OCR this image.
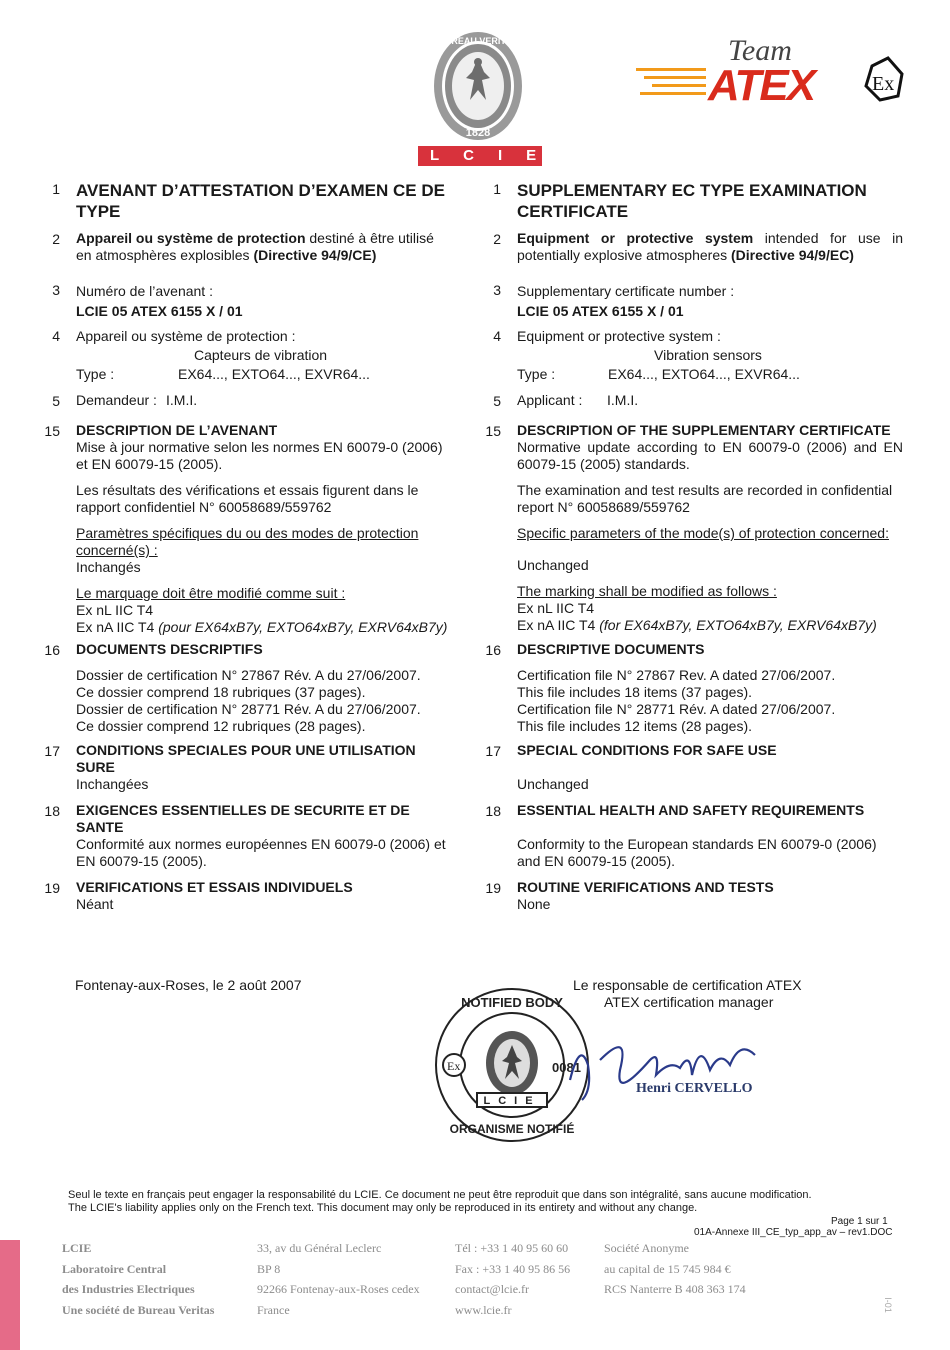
BUREAU VERITAS
1828
LCIE
ATEX	Ex
Team
1 AVENANT D’ATTESTATION D’EXAMEN CE DE TYPE
2 Appareil ou système de protection destiné à être utilisé en atmosphères explosibles (Directive 94/9/CE)
3 Numéro de l’avenant :
LCIE 05 ATEX 6155 X / 01
4 Appareil ou système de protection :
Capteurs de vibration
Type :	EX64..., EXTO64..., EXVR64...
5 Demandeur : I.M.I.
15 DESCRIPTION DE L’AVENANT
Mise à jour normative selon les normes EN 60079-0 (2006) et EN 60079-15 (2005).
Les résultats des vérifications et essais figurent dans le rapport confidentiel N° 60058689/559762
Paramètres spécifiques du ou des modes de protection concerné(s) :
Inchangés
Le marquage doit être modifié comme suit :
Ex nL IIC T4
Ex nA IIC T4 (pour EX64xB7y, EXTO64xB7y, EXRV64xB7y)
16 DOCUMENTS DESCRIPTIFS
Dossier de certification N° 27867 Rév. A du 27/06/2007.
Ce dossier comprend 18 rubriques (37 pages).
Dossier de certification N° 28771 Rév. A du 27/06/2007.
Ce dossier comprend 12 rubriques (28 pages).
17 CONDITIONS SPECIALES POUR UNE UTILISATION SURE
Inchangées
18 EXIGENCES ESSENTIELLES DE SECURITE ET DE SANTE
Conformité aux normes européennes EN 60079-0 (2006) et EN 60079-15 (2005).
19 VERIFICATIONS ET ESSAIS INDIVIDUELS
Néant
1 SUPPLEMENTARY EC TYPE EXAMINATION CERTIFICATE
2 Equipment or protective system intended for use in potentially explosive atmospheres (Directive 94/9/EC)
3 Supplementary certificate number :
LCIE 05 ATEX 6155 X / 01
4 Equipment or protective system :
Vibration sensors
Type :	EX64..., EXTO64..., EXVR64...
5 Applicant :	I.M.I.
15 DESCRIPTION OF THE SUPPLEMENTARY CERTIFICATE
Normative update according to EN 60079-0 (2006) and EN 60079-15 (2005) standards.
The examination and test results are recorded in confidential report N° 60058689/559762
Specific parameters of the mode(s) of protection concerned:
Unchanged
The marking shall be modified as follows :
Ex nL IIC T4
Ex nA IIC T4 (for EX64xB7y, EXTO64xB7y, EXRV64xB7y)
16 DESCRIPTIVE DOCUMENTS
Certification file N° 27867 Rev. A dated 27/06/2007.
This file includes 18 items (37 pages).
Certification file N° 28771 Rév. A dated 27/06/2007.
This file includes 12 items (28 pages).
17 SPECIAL CONDITIONS FOR SAFE USE
Unchanged
18 ESSENTIAL HEALTH AND SAFETY REQUIREMENTS
Conformity to the European standards EN 60079-0 (2006) and EN 60079-15 (2005).
19 ROUTINE VERIFICATIONS AND TESTS
None
Fontenay-aux-Roses, le 2 août 2007	Le responsable de certification ATEX
ATEX certification manager
Ex
LCIE
NOTIFIED BODY
ORGANISME NOTIFIÉ
0081
Henri CERVELLO
Seul le texte en français peut engager la responsabilité du LCIE. Ce document ne peut être reproduit que dans son intégralité, sans aucune modification.
The LCIE's liability applies only on the French text. This document may only be reproduced in its entirety and without any change.
Page 1 sur 1
01A-Annexe III_CE_typ_app_av – rev1.DOC
LCIE
Laboratoire Central
des Industries Electriques
Une société de Bureau Veritas
33, av du Général Leclerc
BP 8
92266 Fontenay-aux-Roses cedex
France
Tél : +33 1 40 95 60 60
Fax : +33 1 40 95 86 56
contact@lcie.fr
www.lcie.fr
Société Anonyme
au capital de 15 745 984 €
RCS Nanterre B 408 363 174
I-01
